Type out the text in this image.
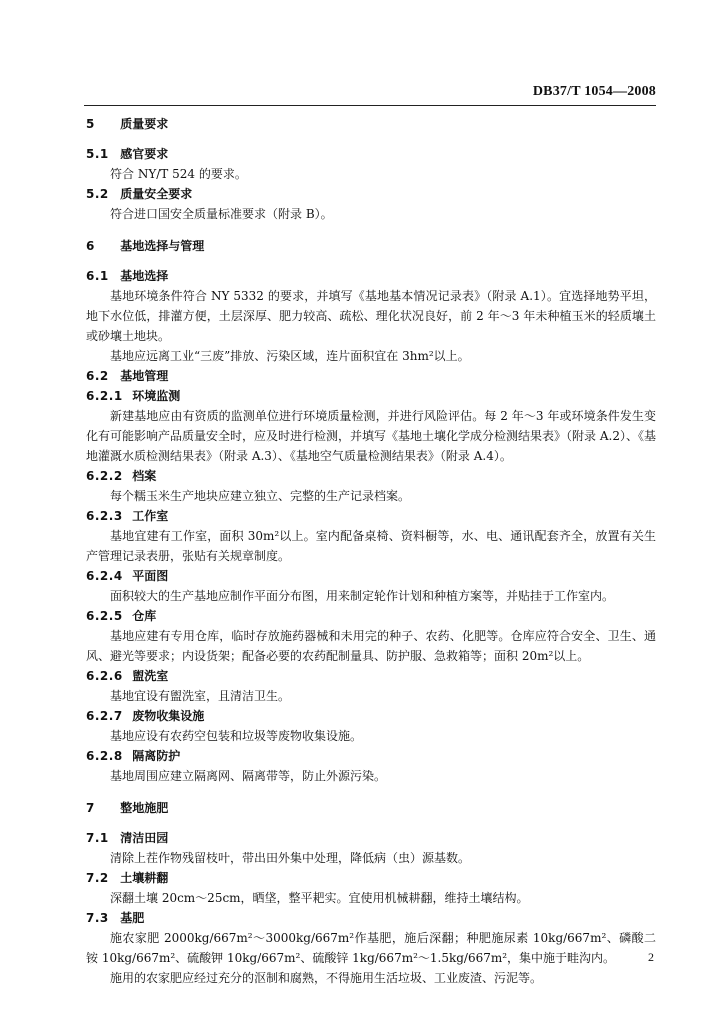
DB37/T 1054—2008
5 质量要求
5.1 感官要求

符合 NY/T 524 的要求。

5.2 质量安全要求

符合进口国安全质量标准要求（附录 B）。

6 基地选择与管理
6.1 基地选择

基地环境条件符合 NY 5332 的要求，并填写《基地基本情况记录表》（附录 A.1）。宜选择地势平坦，地下水位低，排灌方便，土层深厚、肥力较高、疏松、理化状况良好，前 2 年～3 年未种植玉米的轻质壤土或砂壤土地块。

基地应远离工业“三废”排放、污染区域，连片面积宜在 3hm²以上。

6.2 基地管理
6.2.1 环境监测

新建基地应由有资质的监测单位进行环境质量检测，并进行风险评估。每 2 年～3 年或环境条件发生变化有可能影响产品质量安全时，应及时进行检测，并填写《基地土壤化学成分检测结果表》（附录 A.2）、《基地灌溉水质检测结果表》（附录 A.3）、《基地空气质量检测结果表》（附录 A.4）。

6.2.2 档案

每个糯玉米生产地块应建立独立、完整的生产记录档案。

6.2.3 工作室

基地宜建有工作室，面积 30m²以上。室内配备桌椅、资料橱等，水、电、通讯配套齐全，放置有关生产管理记录表册，张贴有关规章制度。

6.2.4 平面图

面积较大的生产基地应制作平面分布图，用来制定轮作计划和种植方案等，并贴挂于工作室内。

6.2.5 仓库

基地应建有专用仓库，临时存放施药器械和未用完的种子、农药、化肥等。仓库应符合安全、卫生、通风、避光等要求；内设货架；配备必要的农药配制量具、防护服、急救箱等；面积 20m²以上。

6.2.6 盥洗室

基地宜设有盥洗室，且清洁卫生。

6.2.7 废物收集设施

基地应设有农药空包装和垃圾等废物收集设施。

6.2.8 隔离防护

基地周围应建立隔离网、隔离带等，防止外源污染。

7 整地施肥
7.1 清洁田园

清除上茬作物残留枝叶，带出田外集中处理，降低病（虫）源基数。

7.2 土壤耕翻

深翻土壤 20cm～25cm，晒垡，整平耙实。宜使用机械耕翻，维持土壤结构。

7.3 基肥

施农家肥 2000kg/667m²～3000kg/667m²作基肥，施后深翻；种肥施尿素 10kg/667m²、磷酸二铵 10kg/667m²、硫酸钾 10kg/667m²、硫酸锌 1kg/667m²～1.5kg/667m²，集中施于畦沟内。

施用的农家肥应经过充分的沤制和腐熟，不得施用生活垃圾、工业废渣、污泥等。

2
